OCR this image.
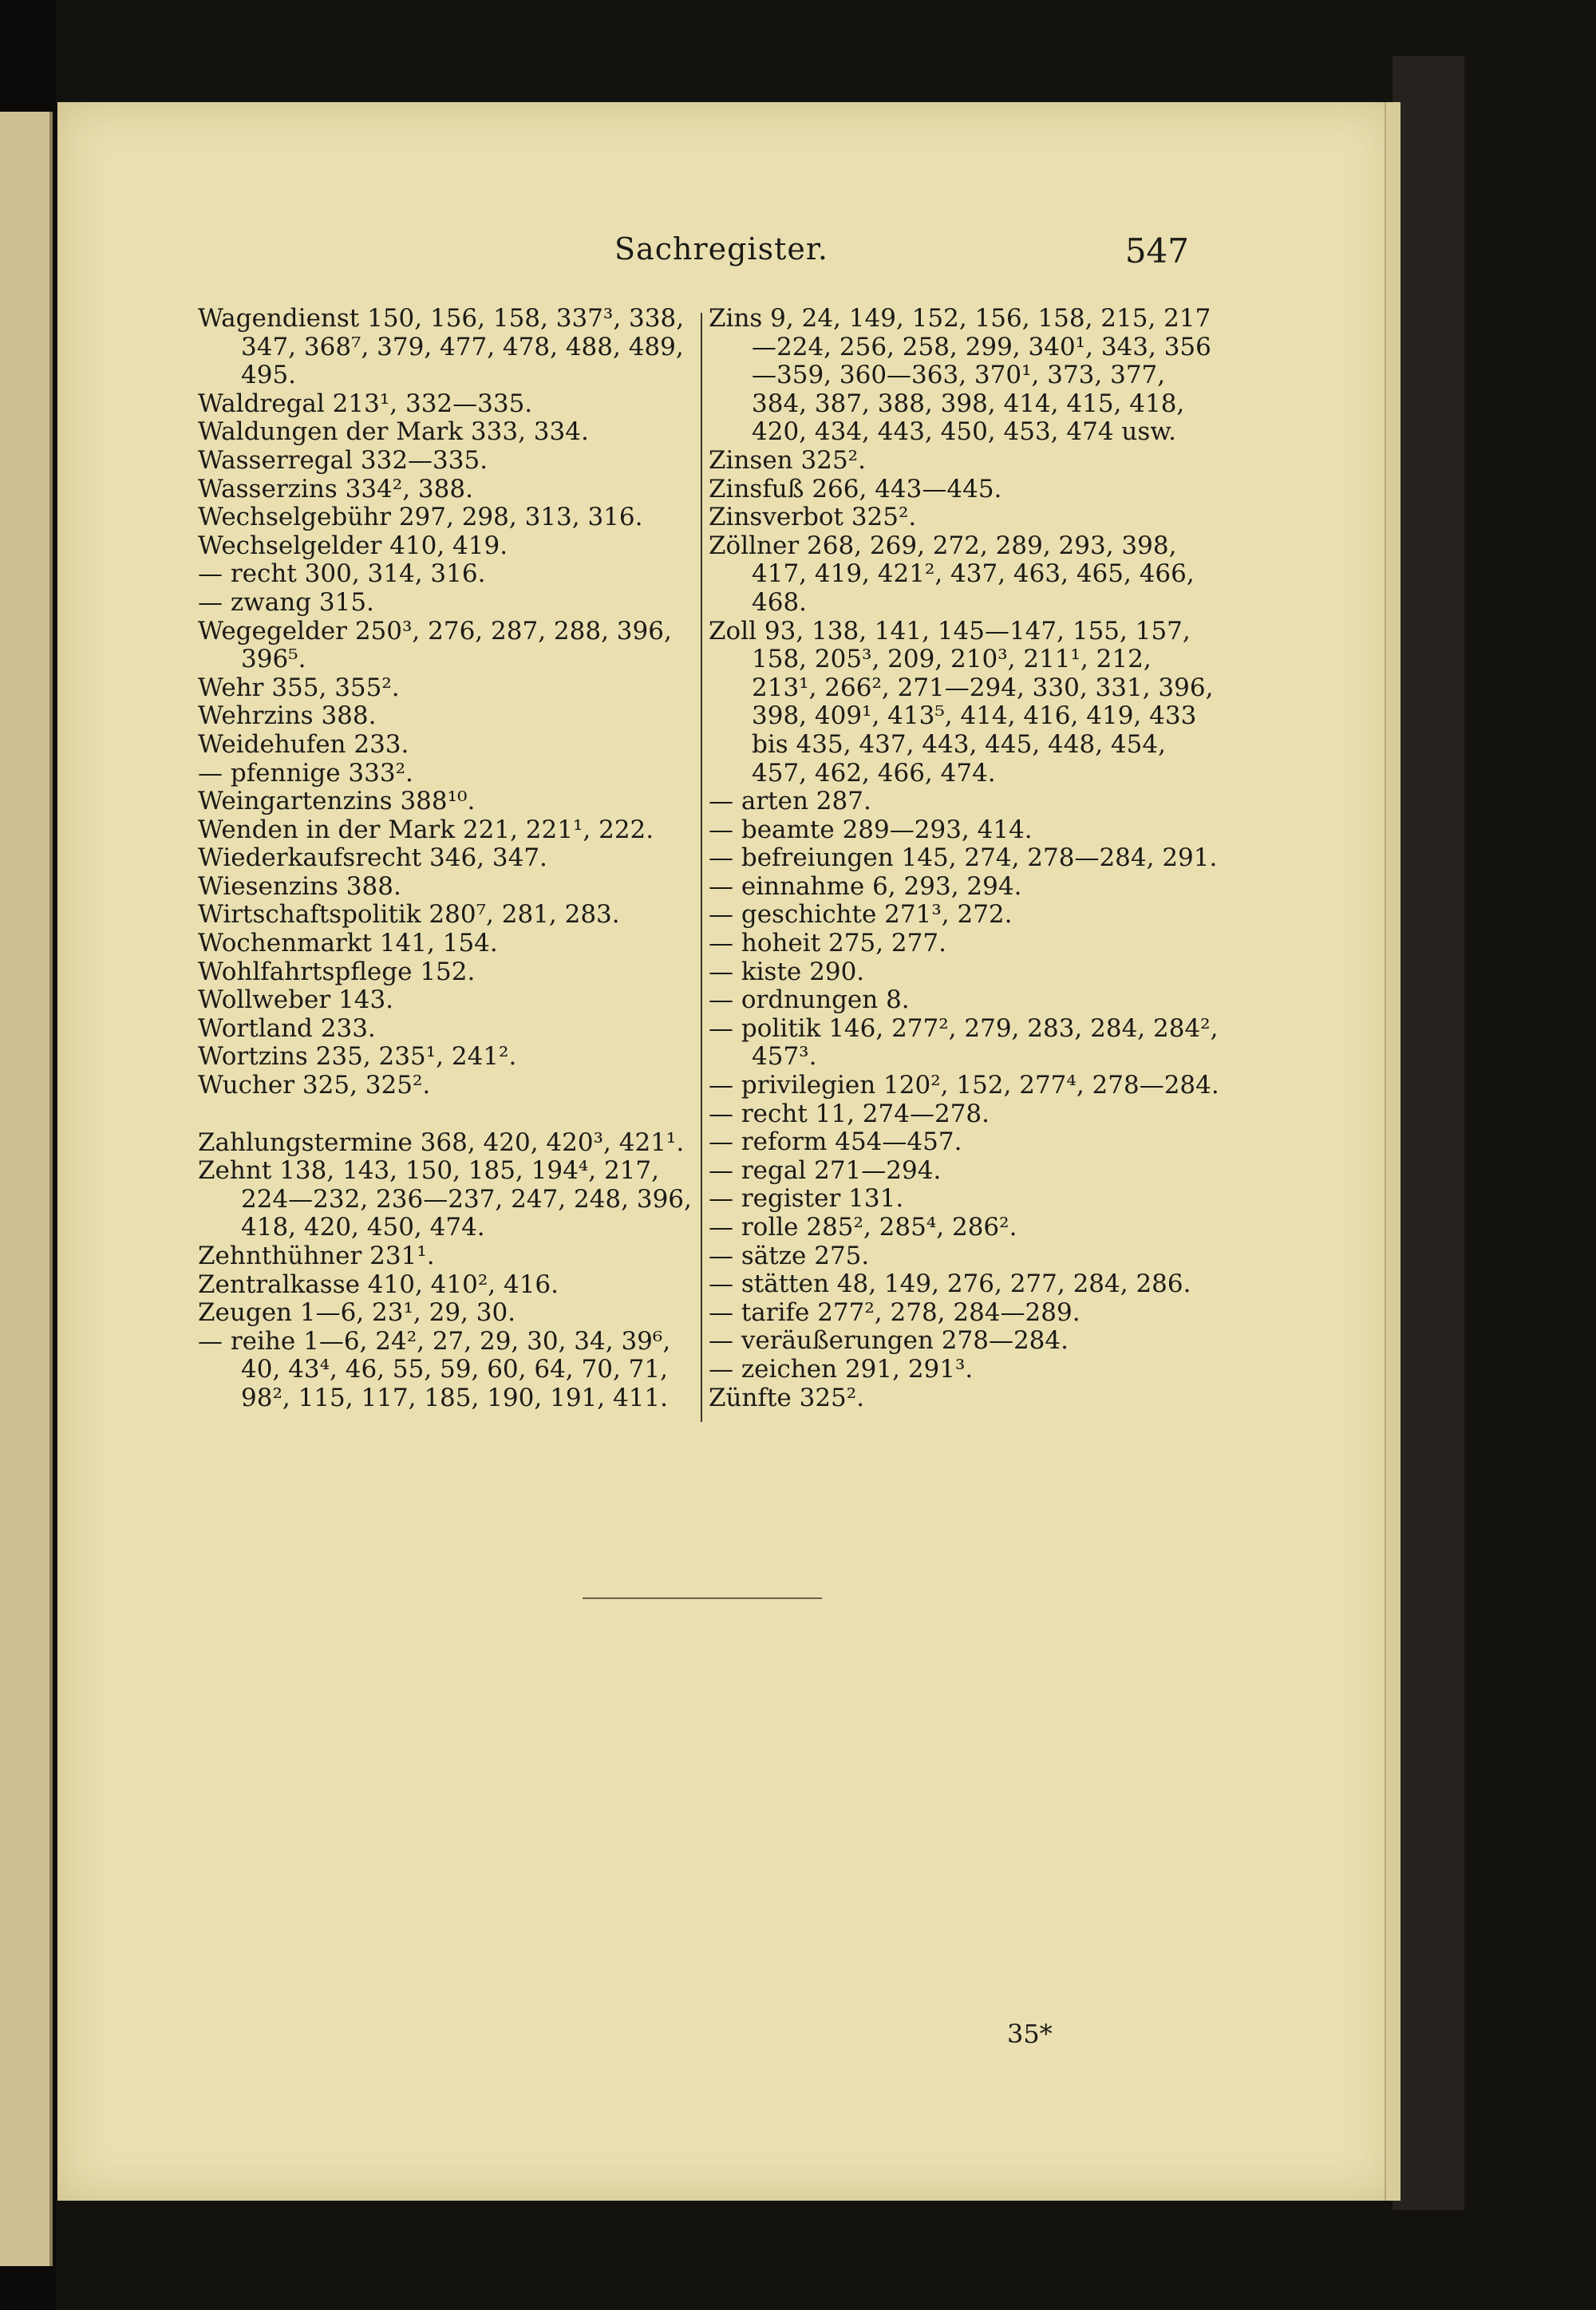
Sachregister.	547
Wagendienst 150, 156, 158, 337³, 338, 347, 368⁷, 379, 477, 478, 488, 489, 495.
Waldregal 213¹, 332—335.
Waldungen der Mark 333, 334.
Wasserregal 332—335.
Wasserzins 334², 388.
Wechselgebühr 297, 298, 313, 316.
Wechselgelder 410, 419.
— recht 300, 314, 316.
— zwang 315.
Wegegelder 250³, 276, 287, 288, 396, 396⁵.
Wehr 355, 355².
Wehrzins 388.
Weidehufen 233.
— pfennige 333².
Weingartenzins 388¹⁰.
Wenden in der Mark 221, 221¹, 222.
Wiederkaufsrecht 346, 347.
Wiesenzins 388.
Wirtschaftspolitik 280⁷, 281, 283.
Wochenmarkt 141, 154.
Wohlfahrtspflege 152.
Wollweber 143.
Wortland 233.
Wortzins 235, 235¹, 241².
Wucher 325, 325².
Zahlungstermine 368, 420, 420³, 421¹.
Zehnt 138, 143, 150, 185, 194⁴, 217, 224—232, 236—237, 247, 248, 396, 418, 420, 450, 474.
Zehnthühner 231¹.
Zentralkasse 410, 410², 416.
Zeugen 1—6, 23¹, 29, 30.
— reihe 1—6, 24², 27, 29, 30, 34, 39⁶, 40, 43⁴, 46, 55, 59, 60, 64, 70, 71, 98², 115, 117, 185, 190, 191, 411.
Zins 9, 24, 149, 152, 156, 158, 215, 217—224, 256, 258, 299, 340¹, 343, 356—359, 360—363, 370¹, 373, 377, 384, 387, 388, 398, 414, 415, 418, 420, 434, 443, 450, 453, 474 usw.
Zinsen 325².
Zinsfuß 266, 443—445.
Zinsverbot 325².
Zöllner 268, 269, 272, 289, 293, 398, 417, 419, 421², 437, 463, 465, 466, 468.
Zoll 93, 138, 141, 145—147, 155, 157, 158, 205³, 209, 210³, 211¹, 212, 213¹, 266², 271—294, 330, 331, 396, 398, 409¹, 413⁵, 414, 416, 419, 433 bis 435, 437, 443, 445, 448, 454, 457, 462, 466, 474.
— arten 287.
— beamte 289—293, 414.
— befreiungen 145, 274, 278—284, 291.
— einnahme 6, 293, 294.
— geschichte 271³, 272.
— hoheit 275, 277.
— kiste 290.
— ordnungen 8.
— politik 146, 277², 279, 283, 284, 284², 457³.
— privilegien 120², 152, 277⁴, 278—284.
— recht 11, 274—278.
— reform 454—457.
— regal 271—294.
— register 131.
— rolle 285², 285⁴, 286².
— sätze 275.
— stätten 48, 149, 276, 277, 284, 286.
— tarife 277², 278, 284—289.
— veräußerungen 278—284.
— zeichen 291, 291³.
Zünfte 325².
35*
